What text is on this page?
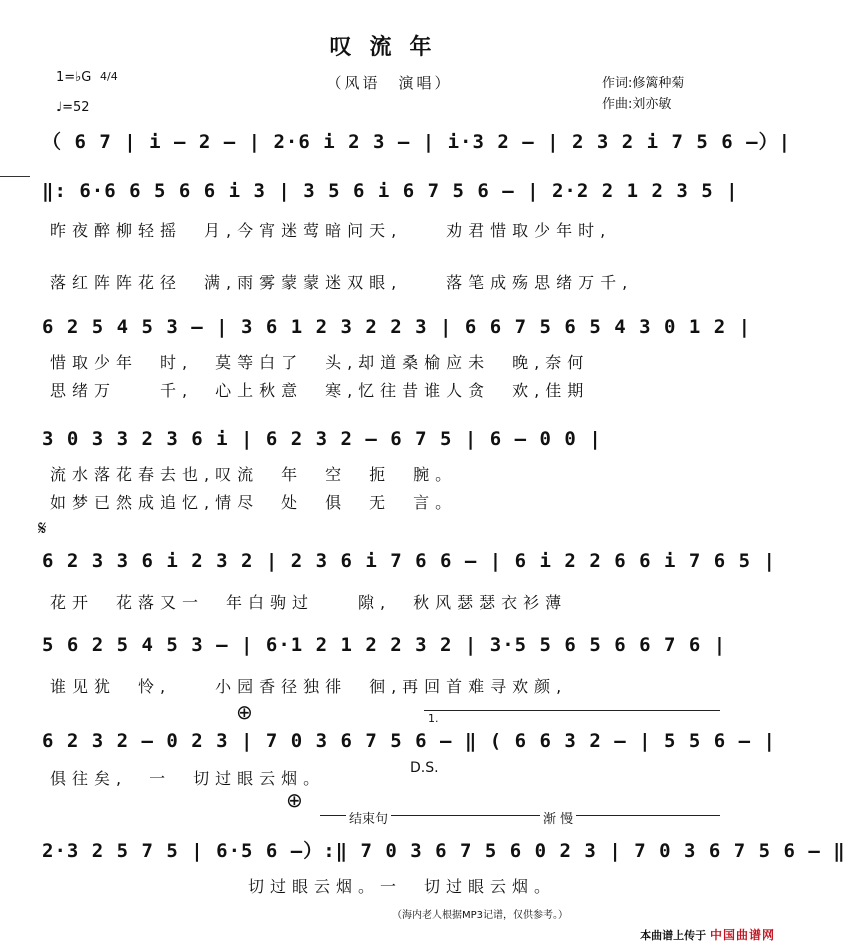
叹流年
（风语　演唱）
1=♭G 4/4
♩=52
作词:修篱种菊
作曲:刘亦敏
（ 6 7 | i – 2 – | 2·6 i 2 3 – | i·3 2 – | 2 3 2 i 7 5 6 –）|
‖: 6·6 6 5 6 6 i 3 | 3 5 6 i 6 7 5 6 – | 2·2 2 1 2 3 5 |
昨夜醉柳轻摇　月,今宵迷莺暗问天,　　劝君惜取少年时,
落红阵阵花径　满,雨雾蒙蒙迷双眼,　　落笔成殇思绪万千,
6 2 5 4 5 3 – | 3 6 1 2 3 2 2 3 | 6 6 7 5 6 5 4 3 0 1 2 |
惜取少年　时,　莫等白了　头,却道桑榆应未　晚,奈何
思绪万　　千,　心上秋意　寒,忆往昔谁人贪　欢,佳期
3 0 3 3 2 3 6 i | 6 2 3 2 – 6 7 5 | 6 – 0 0 |
流水落花春去也,叹流　年　空　扼　腕。
如梦已然成追忆,情尽　处　俱　无　言。
𝄋
6 2 3 3 6 i 2 3 2 | 2 3 6 i 7 6 6 – | 6 i 2 2 6 6 i 7 6 5 |
花开　花落又一　年白驹过　　隙,　秋风瑟瑟衣衫薄
5 6 2 5 4 5 3 – | 6·1 2 1 2 2 3 2 | 3·5 5 6 5 6 6 7 6 |
谁见犹　怜,　　小园香径独徘　徊,再回首难寻欢颜,
⊕
⊕
1.
6 2 3 2 – 0 2 3 | 7 0 3 6 7 5 6 – ‖ ( 6 6 3 2 – | 5 5 6 – |
俱往矣,　一　切过眼云烟。
D.S.
结束句	渐 慢
2·3 2 5 7 5 | 6·5 6 –）:‖ 7 0 3 6 7 5 6 0 2 3 | 7 0 3 6 7 5 6 – ‖
　　　　　　　　　切过眼云烟。一　切过眼云烟。
（海内老人根据MP3记谱，仅供参考。）
本曲谱上传于 中国曲谱网
